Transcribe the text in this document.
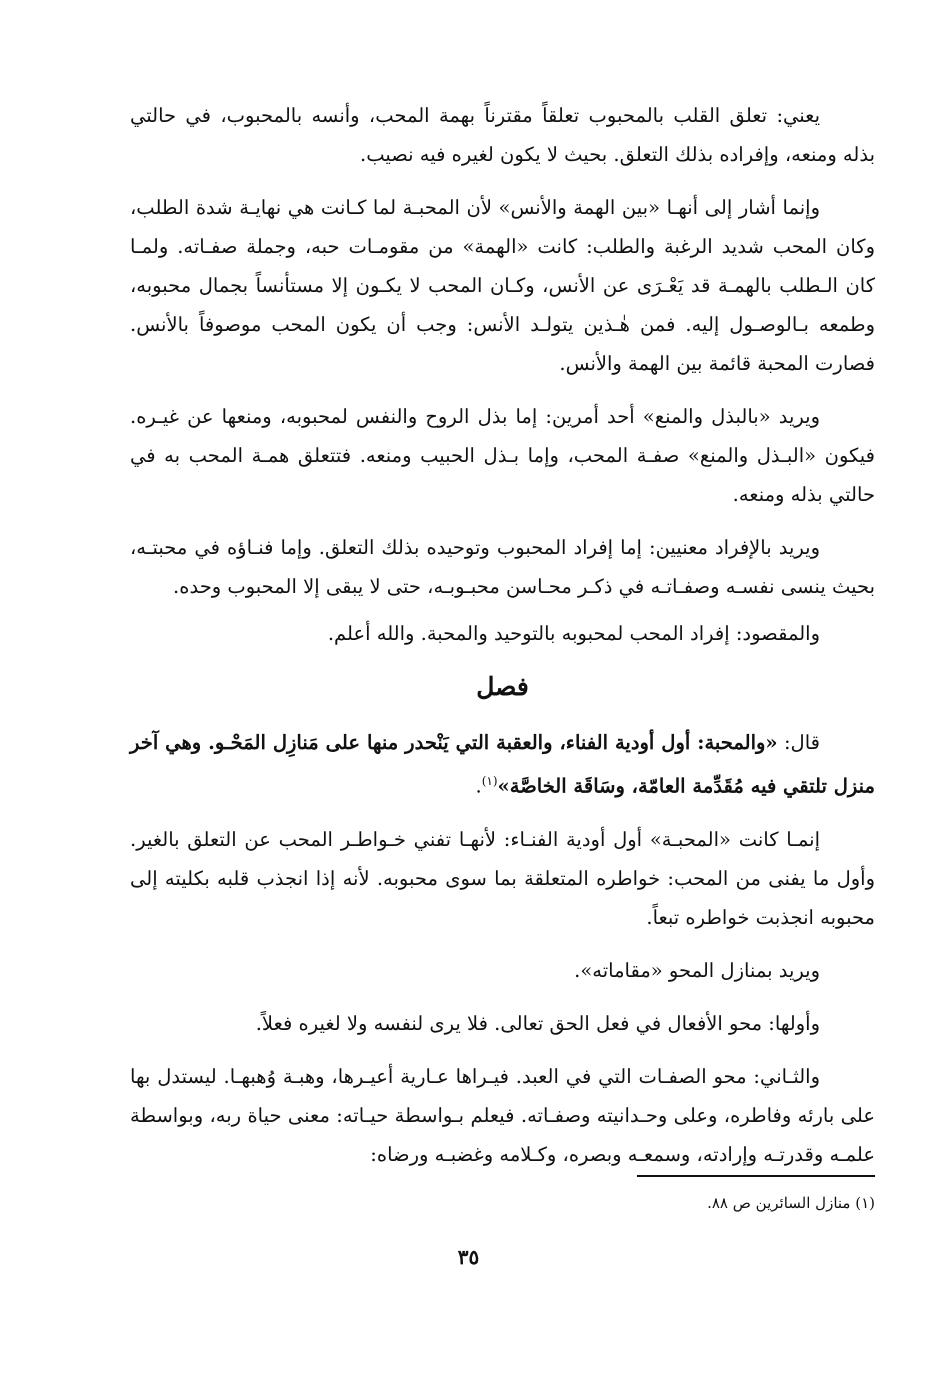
يعني: تعلق القلب بالمحبوب تعلقاً مقترناً بهمة المحب، وأنسه بالمحبوب، في حالتي بذله ومنعه، وإفراده بذلك التعلق. بحيث لا يكون لغيره فيه نصيب.

وإنما أشار إلى أنهـا «بين الهمة والأنس» لأن المحبـة لما كـانت هي نهايـة شدة الطلب، وكان المحب شديد الرغبة والطلب: كانت «الهمة» من مقومـات حبه، وجملة صفـاته. ولمـا كان الـطلب بالهمـة قد يَعْـرَى عن الأنس، وكـان المحب لا يكـون إلا مستأنساً بجمال محبوبه، وطمعه بـالوصـول إليه. فمن هٰـذين يتولـد الأنس: وجب أن يكون المحب موصوفاً بالأنس. فصارت المحبة قائمة بين الهمة والأنس.

ويريد «بالبذل والمنع» أحد أمرين: إما بذل الروح والنفس لمحبوبه، ومنعها عن غيـره. فيكون «البـذل والمنع» صفـة المحب، وإما بـذل الحبيب ومنعه. فتتعلق همـة المحب به في حالتي بذله ومنعه.

ويريد بالإفراد معنيين: إما إفراد المحبوب وتوحيده بذلك التعلق. وإما فنـاؤه في محبتـه، بحيث ينسى نفسـه وصفـاتـه في ذكـر محـاسن محبـوبـه، حتى لا يبقى إلا المحبوب وحده.

والمقصود: إفراد المحب لمحبوبه بالتوحيد والمحبة. والله أعلم.

فصل

قال: «والمحبة: أول أودية الفناء، والعقبة التي يَنْحدر منها على مَنازِل المَحْـو. وهي آخر منزل تلتقي فيه مُقَدِّمة العامّة، وسَاقَة الخاصَّة»$^{(١)}$.

إنمـا كانت «المحبـة» أول أودية الفنـاء: لأنهـا تفني خـواطـر المحب عن التعلق بالغير. وأول ما يفنى من المحب: خواطره المتعلقة بما سوى محبوبه. لأنه إذا انجذب قلبه بكليته إلى محبوبه انجذبت خواطره تبعاً.

ويريد بمنازل المحو «مقاماته».

وأولها: محو الأفعال في فعل الحق تعالى. فلا يرى لنفسه ولا لغيره فعلاً.

والثـاني: محو الصفـات التي في العبد. فيـراها عـارية أعيـرها، وهبـة وُهبهـا. ليستدل بها على بارئه وفاطره، وعلى وحـدانيته وصفـاته. فيعلم بـواسطة حيـاته: معنى حياة ربه، وبواسطة علمـه وقدرتـه وإرادته، وسمعـه وبصره، وكـلامه وغضبـه ورضاه:

(١) منازل السائرين ص ٨٨.
٣٥
